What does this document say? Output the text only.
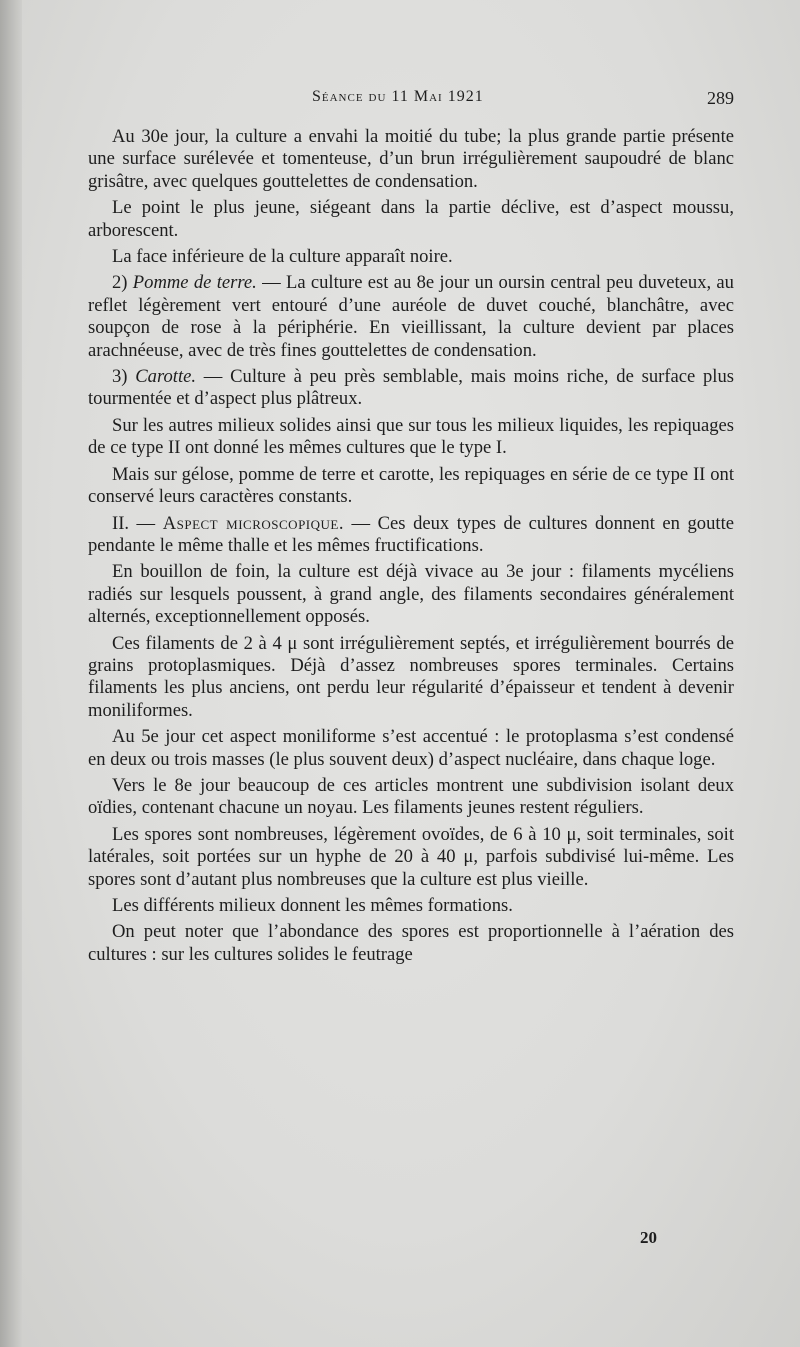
Séance du 11 Mai 1921	289

Au 30e jour, la culture a envahi la moitié du tube; la plus grande partie présente une surface surélevée et tomenteuse, d’un brun irrégulièrement saupoudré de blanc grisâtre, avec quelques gouttelettes de condensation.

Le point le plus jeune, siégeant dans la partie déclive, est d’aspect moussu, arborescent.

La face inférieure de la culture apparaît noire.

2) Pomme de terre. — La culture est au 8e jour un oursin central peu duveteux, au reflet légèrement vert entouré d’une auréole de duvet couché, blanchâtre, avec soupçon de rose à la périphérie. En vieillissant, la culture devient par places arachnéeuse, avec de très fines gouttelettes de condensation.

3) Carotte. — Culture à peu près semblable, mais moins riche, de surface plus tourmentée et d’aspect plus plâtreux.

Sur les autres milieux solides ainsi que sur tous les milieux liquides, les repiquages de ce type II ont donné les mêmes cultures que le type I.

Mais sur gélose, pomme de terre et carotte, les repiquages en série de ce type II ont conservé leurs caractères constants.

II. — Aspect microscopique. — Ces deux types de cultures donnent en goutte pendante le même thalle et les mêmes fructifications.

En bouillon de foin, la culture est déjà vivace au 3e jour : filaments mycéliens radiés sur lesquels poussent, à grand angle, des filaments secondaires généralement alternés, exceptionnellement opposés.

Ces filaments de 2 à 4 μ sont irrégulièrement septés, et irrégulièrement bourrés de grains protoplasmiques. Déjà d’assez nombreuses spores terminales. Certains filaments les plus anciens, ont perdu leur régularité d’épaisseur et tendent à devenir moniliformes.

Au 5e jour cet aspect moniliforme s’est accentué : le protoplasma s’est condensé en deux ou trois masses (le plus souvent deux) d’aspect nucléaire, dans chaque loge.

Vers le 8e jour beaucoup de ces articles montrent une subdivision isolant deux oïdies, contenant chacune un noyau. Les filaments jeunes restent réguliers.

Les spores sont nombreuses, légèrement ovoïdes, de 6 à 10 μ, soit terminales, soit latérales, soit portées sur un hyphe de 20 à 40 μ, parfois subdivisé lui-même. Les spores sont d’autant plus nombreuses que la culture est plus vieille.

Les différents milieux donnent les mêmes formations.

On peut noter que l’abondance des spores est proportionnelle à l’aération des cultures : sur les cultures solides le feutrage

20
